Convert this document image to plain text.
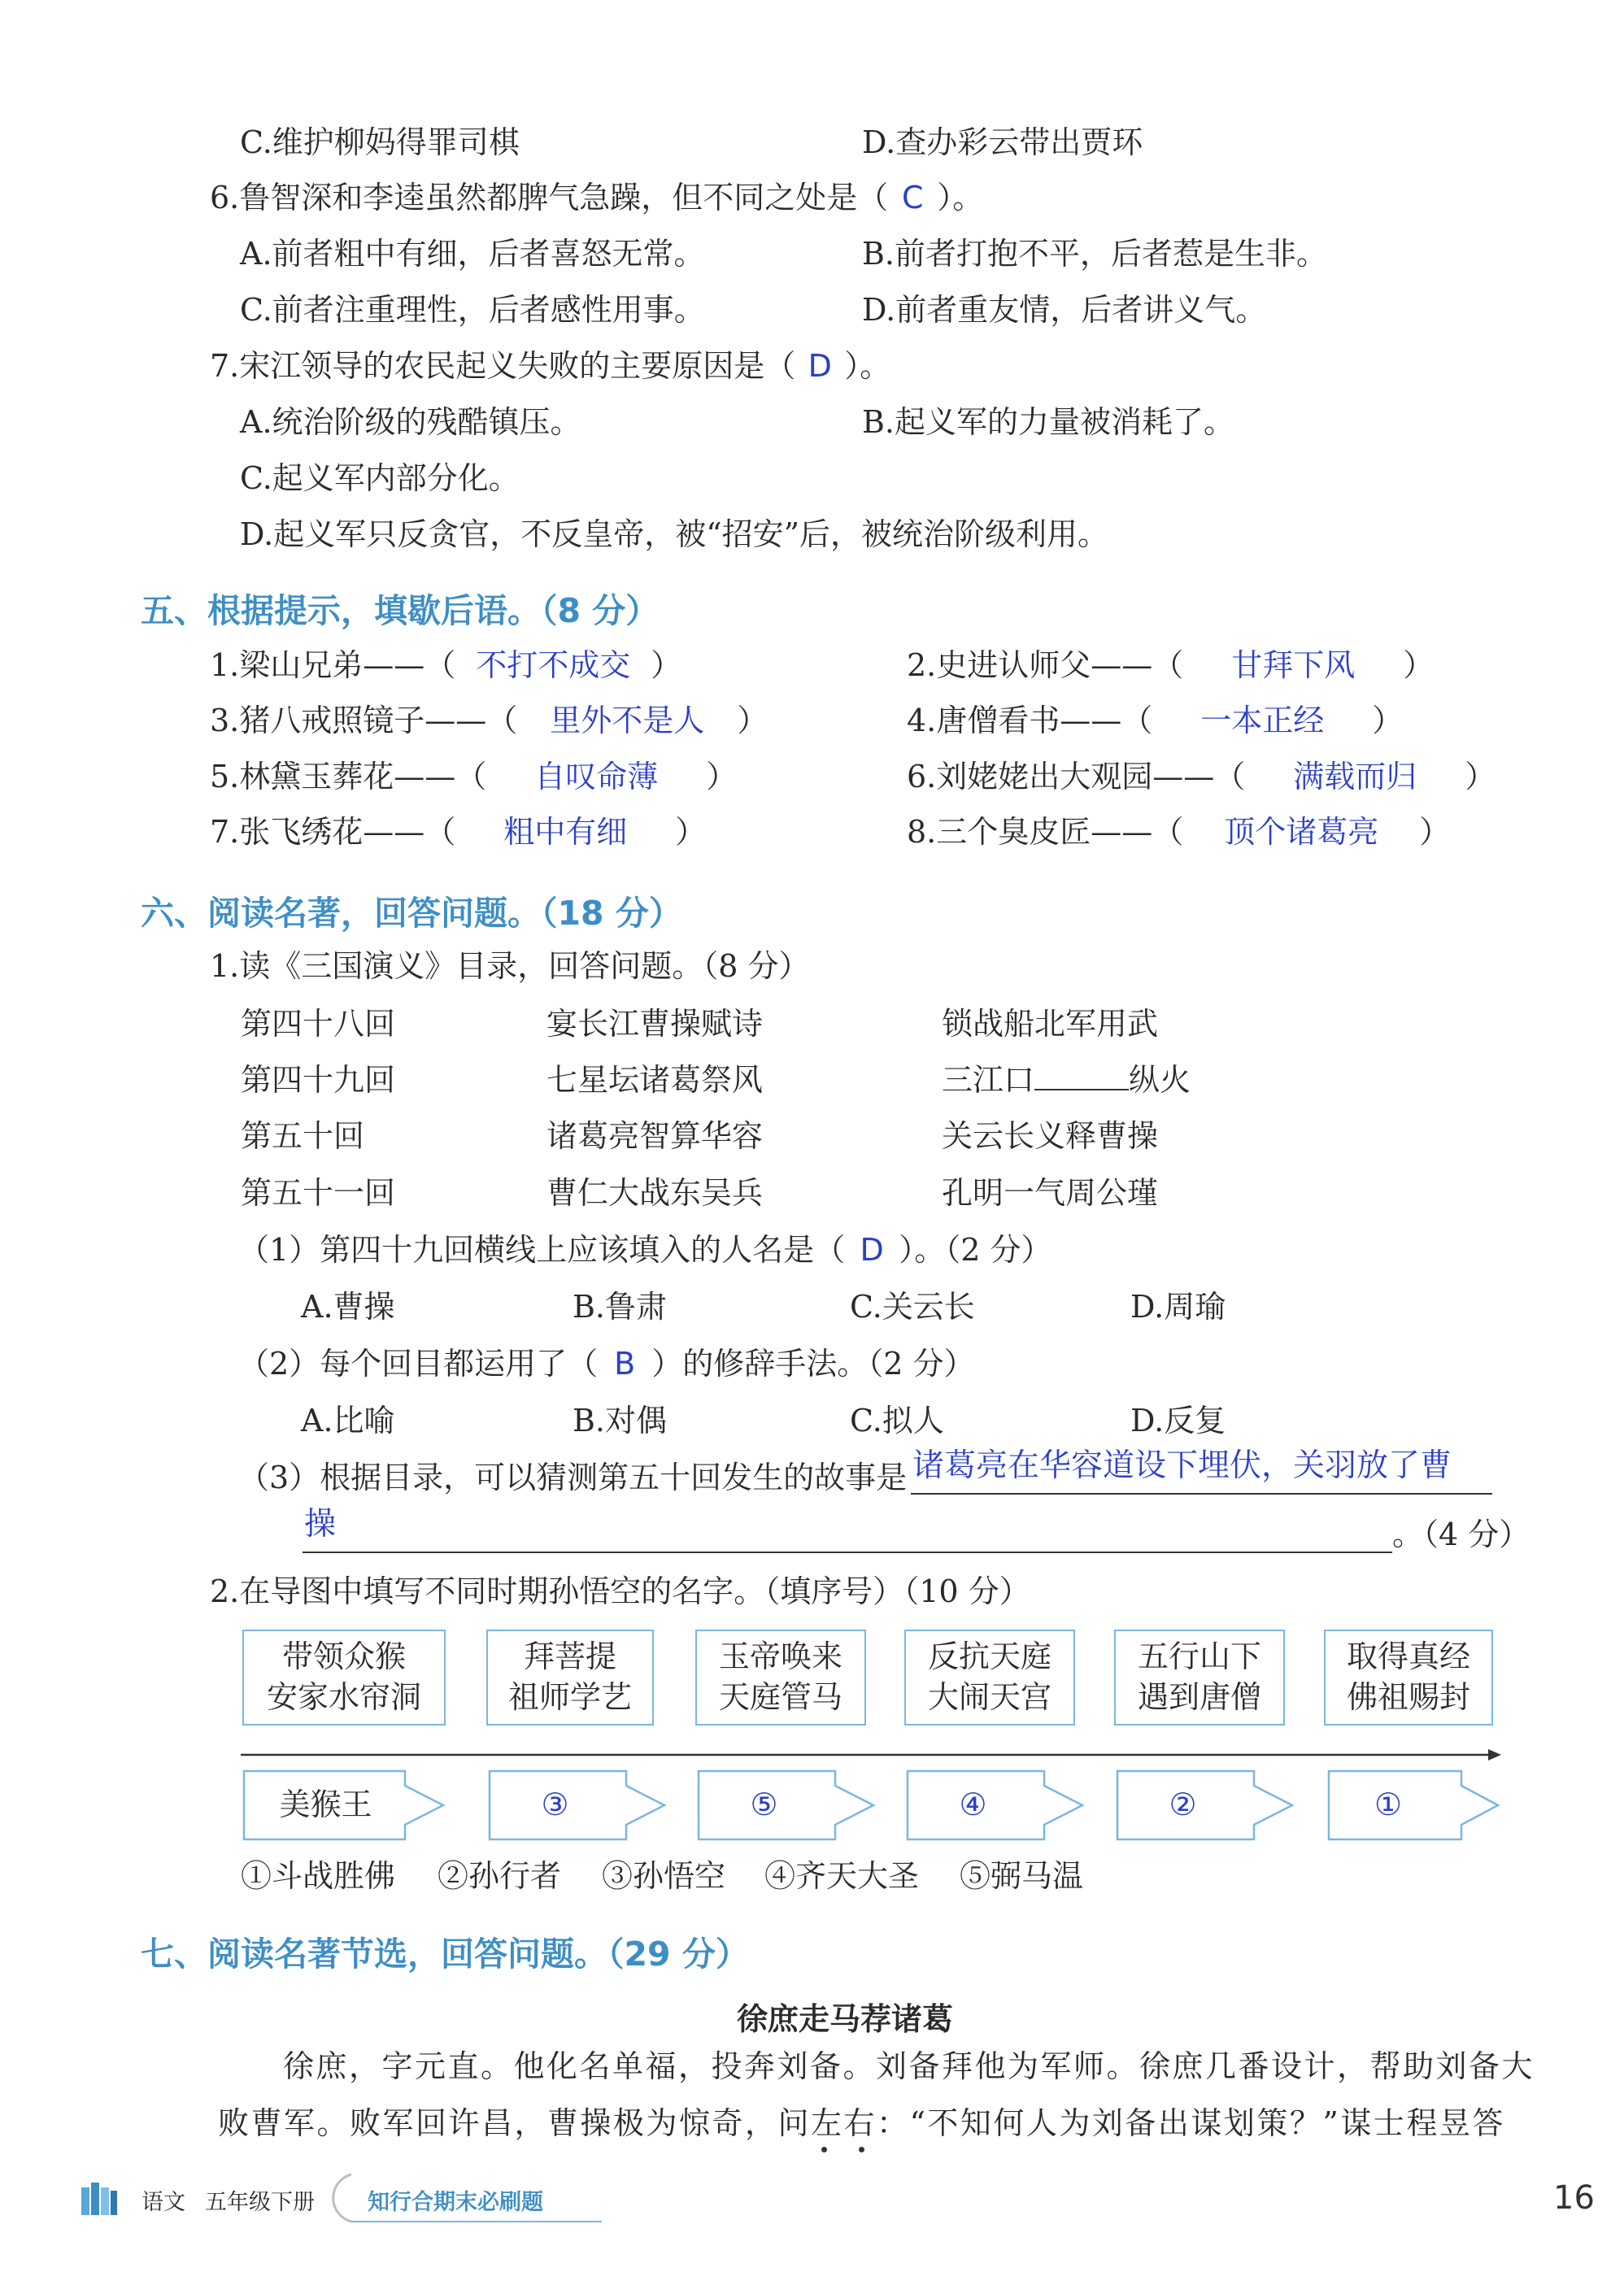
C.维护柳妈得罪司棋	D.查办彩云带出贾环
6.鲁智深和李逵虽然都脾气急躁，但不同之处是（ C ）。
A.前者粗中有细，后者喜怒无常。	B.前者打抱不平，后者惹是生非。
C.前者注重理性，后者感性用事。	D.前者重友情，后者讲义气。
7.宋江领导的农民起义失败的主要原因是（ D ）。
A.统治阶级的残酷镇压。	B.起义军的力量被消耗了。
C.起义军内部分化。
D.起义军只反贪官，不反皇帝，被“招安”后，被统治阶级利用。
五、根据提示，填歇后语。（8 分）
1.梁山兄弟——（ 不打不成交 ）	2.史进认师父——（ 甘拜下风 ）
3.猪八戒照镜子——（ 里外不是人 ）	4.唐僧看书——（ 一本正经 ）
5.林黛玉葬花——（ 自叹命薄 ）	6.刘姥姥出大观园——（ 满载而归 ）
7.张飞绣花——（ 粗中有细 ）	8.三个臭皮匠——（ 顶个诸葛亮 ）
六、阅读名著，回答问题。（18 分）
1.读《三国演义》目录，回答问题。（8 分）
第四十八回	宴长江曹操赋诗	锁战船北军用武
第四十九回	七星坛诸葛祭风	三江口	纵火
第五十回	诸葛亮智算华容	关云长义释曹操
第五十一回	曹仁大战东吴兵	孔明一气周公瑾
（1）第四十九回横线上应该填入的人名是（ D ）。（2 分）
A.曹操	B.鲁肃	C.关云长	D.周瑜
（2）每个回目都运用了（ B ）的修辞手法。（2 分）
A.比喻	B.对偶	C.拟人	D.反复
（3）根据目录，可以猜测第五十回发生的故事是 诸葛亮在华容道设下埋伏，关羽放了曹
操	。（4 分）
2.在导图中填写不同时期孙悟空的名字。（填序号）（10 分）
带领众猴
安家水帘洞
拜菩提
祖师学艺
玉帝唤来
天庭管马
反抗天庭
大闹天宫
五行山下
遇到唐僧
取得真经
佛祖赐封
美猴王	③	⑤	④	②	①
①斗战胜佛 ②孙行者 ③孙悟空 ④齐天大圣 ⑤弼马温
七、阅读名著节选，回答问题。（29 分）
徐庶走马荐诸葛
徐庶，字元直。他化名单福，投奔刘备。刘备拜他为军师。徐庶几番设计，帮助刘备大
败曹军。败军回许昌，曹操极为惊奇，问左右：“不知何人为刘备出谋划策？”谋士程昱答
语文 五年级下册 知行合期末必刷题	16
